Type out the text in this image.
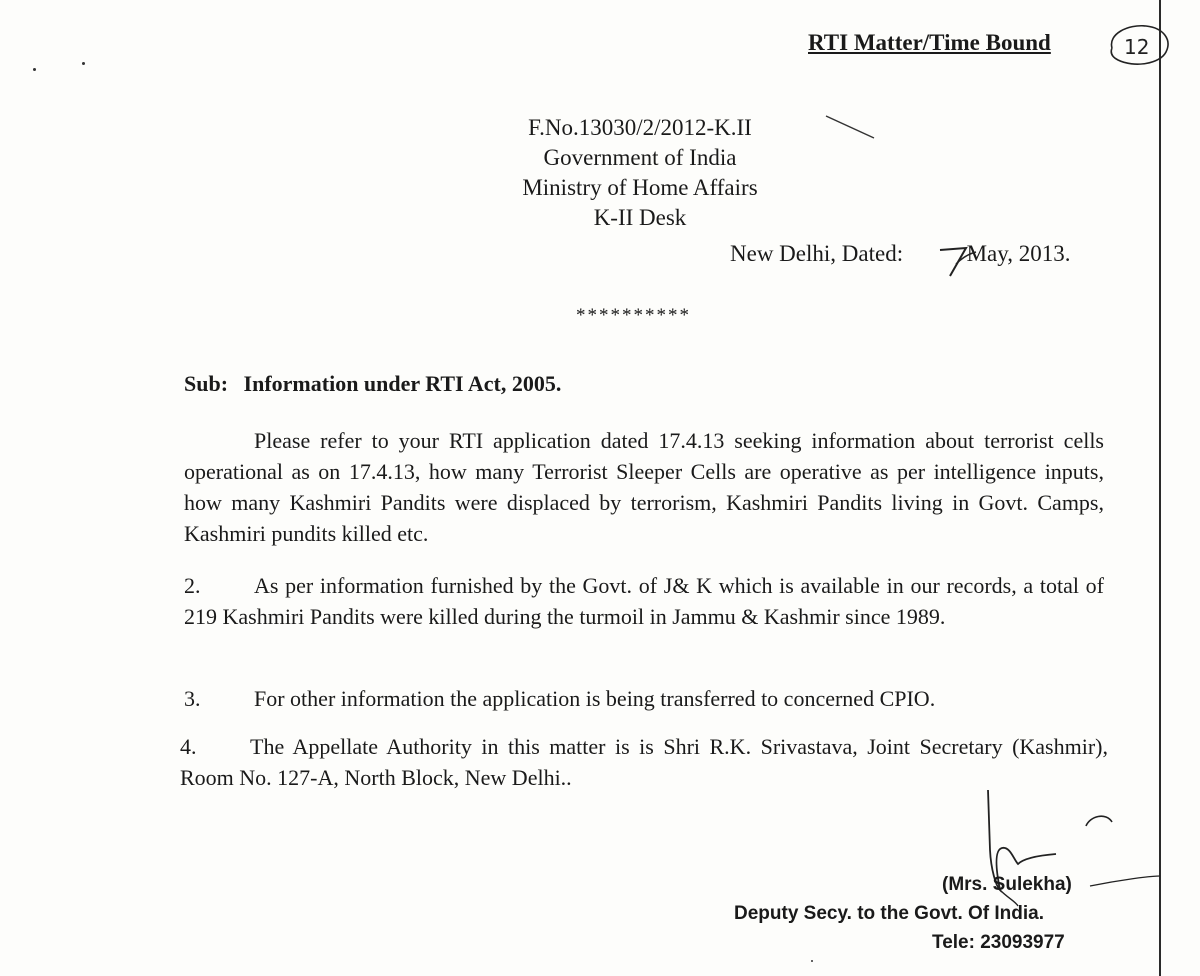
RTI Matter/Time Bound	12
F.No.13030/2/2012-K.II
Government of India
Ministry of Home Affairs
K-II Desk
New Delhi, Dated:	May, 2013.
7
**********
Sub: Information under RTI Act, 2005.
Please refer to your RTI application dated 17.4.13 seeking information about terrorist cells operational as on 17.4.13, how many Terrorist Sleeper Cells are operative as per intelligence inputs, how many Kashmiri Pandits were displaced by terrorism, Kashmiri Pandits living in Govt. Camps, Kashmiri pundits killed etc.
2. As per information furnished by the Govt. of J& K which is available in our records, a total of 219 Kashmiri Pandits were killed during the turmoil in Jammu & Kashmir since 1989.
3. For other information the application is being transferred to concerned CPIO.
4. The Appellate Authority in this matter is is Shri R.K. Srivastava, Joint Secretary (Kashmir), Room No. 127-A, North Block, New Delhi..
(Mrs. Sulekha)
Deputy Secy. to the Govt. Of India.
Tele: 23093977
